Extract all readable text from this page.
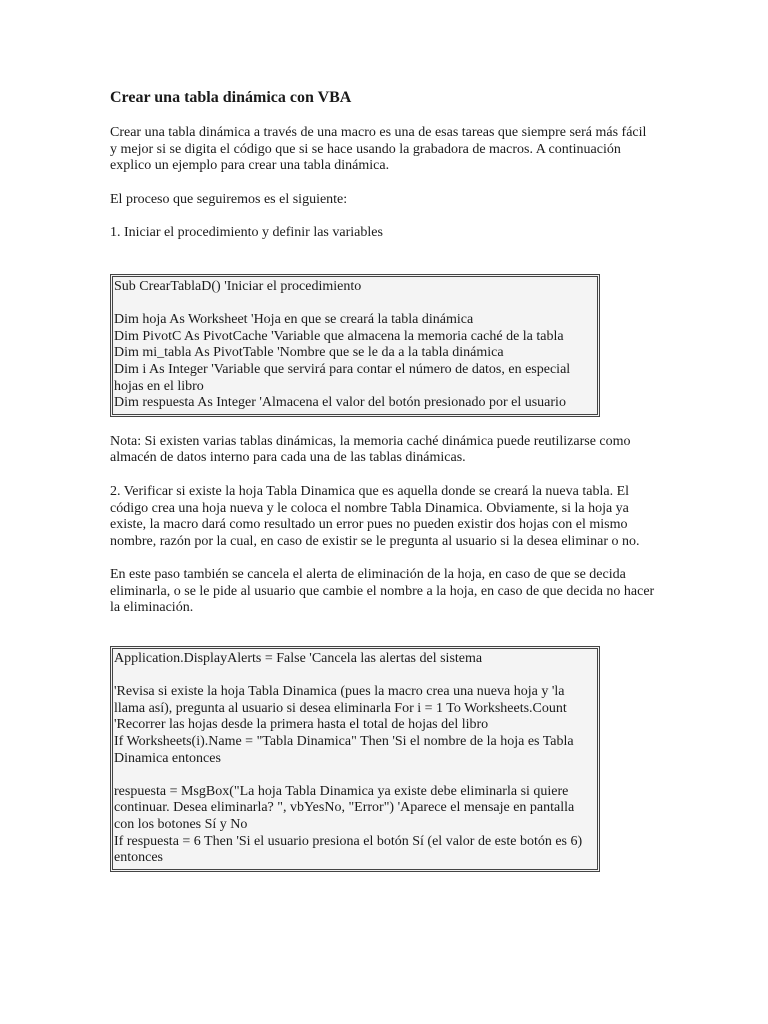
Crear una tabla dinámica con VBA

Crear una tabla dinámica a través de una macro es una de esas tareas que siempre será más fácil y mejor si se digita el código que si se hace usando la grabadora de macros. A continuación explico un ejemplo para crear una tabla dinámica.

El proceso que seguiremos es el siguiente:

1. Iniciar el procedimiento y definir las variables

Sub CrearTablaD() 'Iniciar el procedimiento
Dim hoja As Worksheet 'Hoja en que se creará la tabla dinámica
Dim PivotC As PivotCache 'Variable que almacena la memoria caché de la tabla
Dim mi_tabla As PivotTable 'Nombre que se le da a la tabla dinámica
Dim i As Integer 'Variable que servirá para contar el número de datos, en especial hojas en el libro
Dim respuesta As Integer 'Almacena el valor del botón presionado por el usuario

Nota: Si existen varias tablas dinámicas, la memoria caché dinámica puede reutilizarse como almacén de datos interno para cada una de las tablas dinámicas.

2. Verificar si existe la hoja Tabla Dinamica que es aquella donde se creará la nueva tabla. El código crea una hoja nueva y le coloca el nombre Tabla Dinamica. Obviamente, si la hoja ya existe, la macro dará como resultado un error pues no pueden existir dos hojas con el mismo nombre, razón por la cual, en caso de existir se le pregunta al usuario si la desea eliminar o no.

En este paso también se cancela el alerta de eliminación de la hoja, en caso de que se decida eliminarla, o se le pide al usuario que cambie el nombre a la hoja, en caso de que decida no hacer la eliminación.

Application.DisplayAlerts = False 'Cancela las alertas del sistema
'Revisa si existe la hoja Tabla Dinamica (pues la macro crea una nueva hoja y 'la llama así), pregunta al usuario si desea eliminarla For i = 1 To Worksheets.Count 'Recorrer las hojas desde la primera hasta el total de hojas del libro
If Worksheets(i).Name = "Tabla Dinamica" Then 'Si el nombre de la hoja es Tabla Dinamica entonces
respuesta = MsgBox("La hoja Tabla Dinamica ya existe debe eliminarla si quiere continuar. Desea eliminarla? ", vbYesNo, "Error") 'Aparece el mensaje en pantalla con los botones Sí y No
If respuesta = 6 Then 'Si el usuario presiona el botón Sí (el valor de este botón es 6) entonces
